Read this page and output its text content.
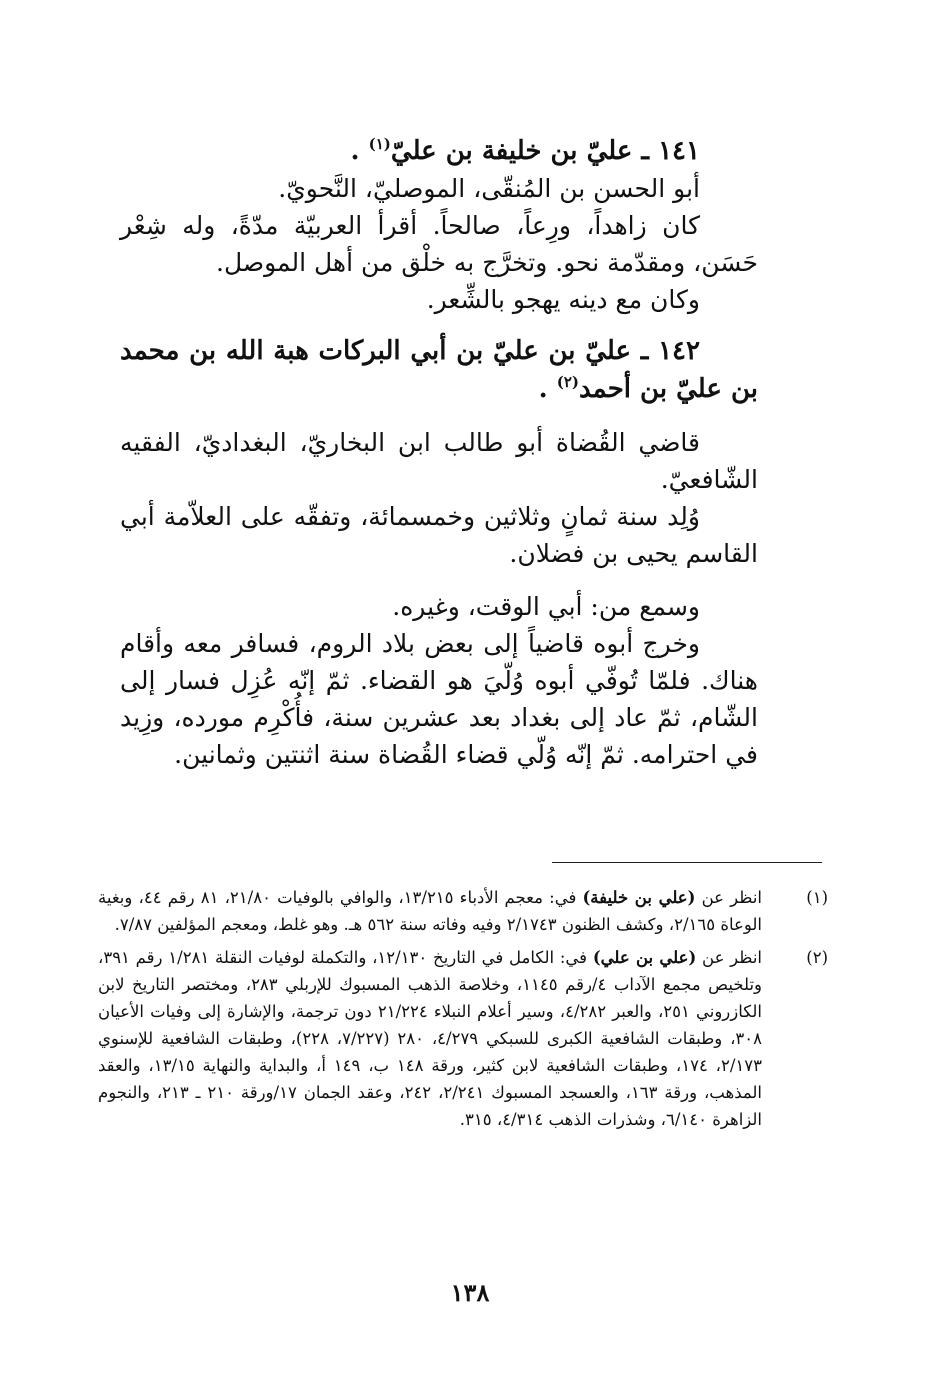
١٤١ ـ عليّ بن خليفة بن عليّ$^{(١)}$ .

أبو الحسن بن المُنقّى، الموصليّ، النَّحويّ.

كان زاهداً، ورِعاً، صالحاً. أقرأ العربيّة مدّةً، وله شِعْر حَسَن، ومقدّمة نحو. وتخرَّج به خلْق من أهل الموصل.

وكان مع دينه يهجو بالشِّعر.

١٤٢ ـ عليّ بن عليّ بن أبي البركات هبة الله بن محمد بن عليّ بن أحمد$^{(٢)}$ .

قاضي القُضاة أبو طالب ابن البخاريّ، البغداديّ، الفقيه الشّافعيّ.

وُلِد سنة ثمانٍ وثلاثين وخمسمائة، وتفقّه على العلاّمة أبي القاسم يحيى بن فضلان.

وسمع من: أبي الوقت، وغيره.

وخرج أبوه قاضياً إلى بعض بلاد الروم، فسافر معه وأقام هناك. فلمّا تُوفّي أبوه وُلّيَ هو القضاء. ثمّ إنّه عُزِل فسار إلى الشّام، ثمّ عاد إلى بغداد بعد عشرين سنة، فأُكْرِم مورده، وزِيد في احترامه. ثمّ إنّه وُلّي قضاء القُضاة سنة اثنتين وثمانين.

(١)
انظر عن (علي بن خليفة) في: معجم الأدباء ١٣/٢١٥، والوافي بالوفيات ٢١/٨٠، ٨١ رقم ٤٤، وبغية الوعاة ٢/١٦٥، وكشف الظنون ٢/١٧٤٣ وفيه وفاته سنة ٥٦٢ هـ. وهو غلط، ومعجم المؤلفين ٧/٨٧.
(٢)
انظر عن (علي بن علي) في: الكامل في التاريخ ١٢/١٣٠، والتكملة لوفيات النقلة ١/٢٨١ رقم ٣٩١، وتلخيص مجمع الآداب ٤/رقم ١١٤٥، وخلاصة الذهب المسبوك للإربلي ٢٨٣، ومختصر التاريخ لابن الكازروني ٢٥١، والعبر ٤/٢٨٢، وسير أعلام النبلاء ٢١/٢٢٤ دون ترجمة، والإشارة إلى وفيات الأعيان ٣٠٨، وطبقات الشافعية الكبرى للسبكي ٤/٢٧٩، ٢٨٠ (٧/٢٢٧، ٢٢٨)، وطبقات الشافعية للإسنوي ٢/١٧٣، ١٧٤، وطبقات الشافعية لابن كثير، ورقة ١٤٨ ب، ١٤٩ أ، والبداية والنهاية ١٣/١٥، والعقد المذهب، ورقة ١٦٣، والعسجد المسبوك ٢/٢٤١، ٢٤٢، وعقد الجمان ١٧/ورقة ٢١٠ ـ ٢١٣، والنجوم الزاهرة ٦/١٤٠، وشذرات الذهب ٤/٣١٤، ٣١٥.
١٣٨
